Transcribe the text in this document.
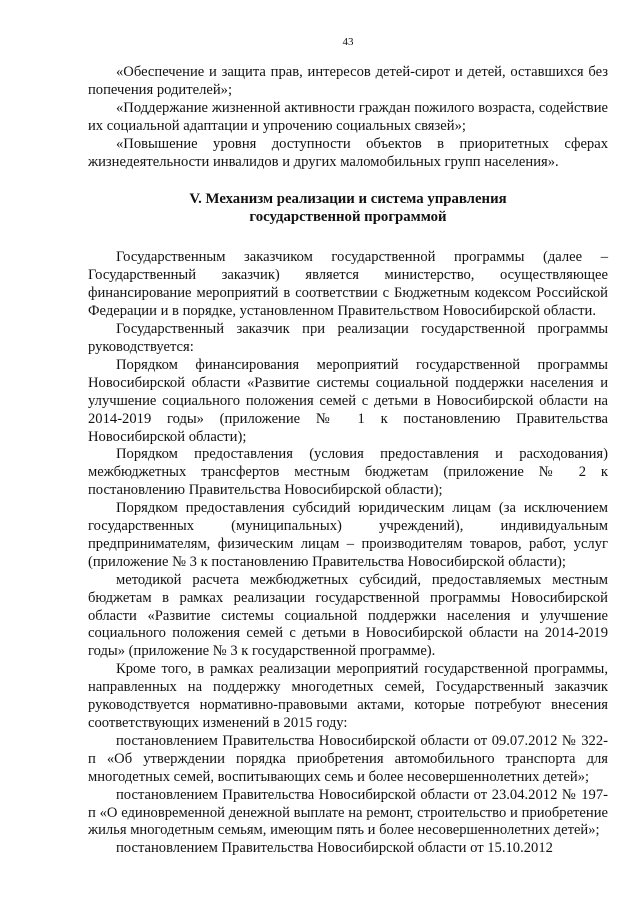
43

«Обеспечение и защита прав, интересов детей-сирот и детей, оставшихся без попечения родителей»;

«Поддержание жизненной активности граждан пожилого возраста, содействие их социальной адаптации и упрочению социальных связей»;

«Повышение уровня доступности объектов в приоритетных сферах жизнедеятельности инвалидов и других маломобильных групп населения».

V. Механизм реализации и система управления
государственной программой

Государственным заказчиком государственной программы (далее – Государственный заказчик) является министерство, осуществляющее финансирование мероприятий в соответствии с Бюджетным кодексом Российской Федерации и в порядке, установленном Правительством Новосибирской области.

Государственный заказчик при реализации государственной программы руководствуется:

Порядком финансирования мероприятий государственной программы Новосибирской области «Развитие системы социальной поддержки населения и улучшение социального положения семей с детьми в Новосибирской области на 2014-2019 годы» (приложение № 1 к постановлению Правительства Новосибирской области);

Порядком предоставления (условия предоставления и расходования) межбюджетных трансфертов местным бюджетам (приложение № 2 к постановлению Правительства Новосибирской области);

Порядком предоставления субсидий юридическим лицам (за исключением государственных (муниципальных) учреждений), индивидуальным предпринимателям, физическим лицам – производителям товаров, работ, услуг (приложение № 3 к постановлению Правительства Новосибирской области);

методикой расчета межбюджетных субсидий, предоставляемых местным бюджетам в рамках реализации государственной программы Новосибирской области «Развитие системы социальной поддержки населения и улучшение социального положения семей с детьми в Новосибирской области на 2014-2019 годы» (приложение № 3 к государственной программе).

Кроме того, в рамках реализации мероприятий государственной программы, направленных на поддержку многодетных семей, Государственный заказчик руководствуется нормативно-правовыми актами, которые потребуют внесения соответствующих изменений в 2015 году:

постановлением Правительства Новосибирской области от 09.07.2012 № 322-п «Об утверждении порядка приобретения автомобильного транспорта для многодетных семей, воспитывающих семь и более несовершеннолетних детей»;

постановлением Правительства Новосибирской области от 23.04.2012 № 197-п «О единовременной денежной выплате на ремонт, строительство и приобретение жилья многодетным семьям, имеющим пять и более несовершеннолетних детей»;

постановлением Правительства Новосибирской области от 15.10.2012
